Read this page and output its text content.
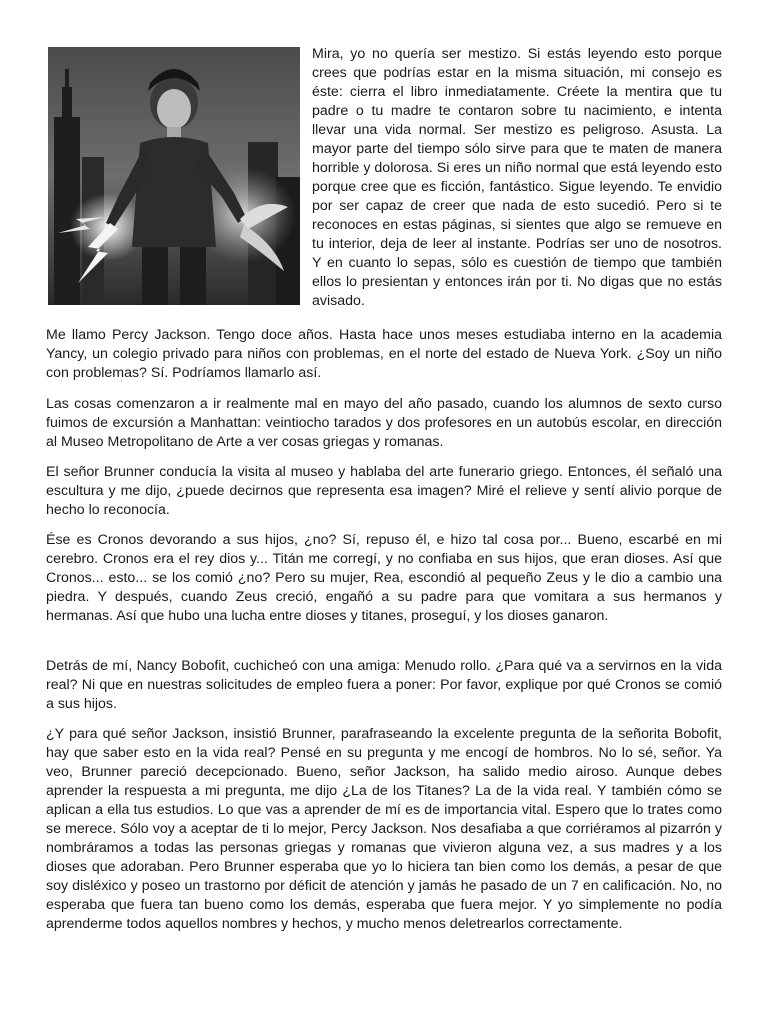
Mira, yo no quería ser mestizo. Si estás leyendo esto porque crees que podrías estar en la misma situación, mi consejo es éste: cierra el libro inmediatamente. Créete la mentira que tu padre o tu madre te contaron sobre tu nacimiento, e intenta llevar una vida normal. Ser mestizo es peligroso. Asusta. La mayor parte del tiempo sólo sirve para que te maten de manera horrible y dolorosa. Si eres un niño normal que está leyendo esto porque cree que es ficción, fantástico. Sigue leyendo. Te envidio por ser capaz de creer que nada de esto sucedió. Pero si te reconoces en estas páginas, si sientes que algo se remueve en tu interior, deja de leer al instante. Podrías ser uno de nosotros. Y en cuanto lo sepas, sólo es cuestión de tiempo que también ellos lo presientan y entonces irán por ti. No digas que no estás avisado.

Me llamo Percy Jackson. Tengo doce años. Hasta hace unos meses estudiaba interno en la academia Yancy, un colegio privado para niños con problemas, en el norte del estado de Nueva York. ¿Soy un niño con problemas? Sí. Podríamos llamarlo así.

Las cosas comenzaron a ir realmente mal en mayo del año pasado, cuando los alumnos de sexto curso fuimos de excursión a Manhattan: veintiocho tarados y dos profesores en un autobús escolar, en dirección al Museo Metropolitano de Arte a ver cosas griegas y romanas.

El señor Brunner conducía la visita al museo y hablaba del arte funerario griego. Entonces, él señaló una escultura y me dijo, ¿puede decirnos que representa esa imagen? Miré el relieve y sentí alivio porque de hecho lo reconocía.

Ése es Cronos devorando a sus hijos, ¿no? Sí, repuso él, e hizo tal cosa por... Bueno, escarbé en mi cerebro. Cronos era el rey dios y... Titán me corregí, y no confiaba en sus hijos, que eran dioses. Así que Cronos... esto... se los comió ¿no? Pero su mujer, Rea, escondió al pequeño Zeus y le dio a cambio una piedra. Y después, cuando Zeus creció, engañó a su padre para que vomitara a sus hermanos y hermanas. Así que hubo una lucha entre dioses y titanes, proseguí, y los dioses ganaron.

Detrás de mí, Nancy Bobofit, cuchicheó con una amiga: Menudo rollo. ¿Para qué va a servirnos en la vida real? Ni que en nuestras solicitudes de empleo fuera a poner: Por favor, explique por qué Cronos se comió a sus hijos.

¿Y para qué señor Jackson, insistió Brunner, parafraseando la excelente pregunta de la señorita Bobofit, hay que saber esto en la vida real? Pensé en su pregunta y me encogí de hombros. No lo sé, señor. Ya veo, Brunner pareció decepcionado. Bueno, señor Jackson, ha salido medio airoso. Aunque debes aprender la respuesta a mi pregunta, me dijo ¿La de los Titanes? La de la vida real. Y también cómo se aplican a ella tus estudios. Lo que vas a aprender de mí es de importancia vital. Espero que lo trates como se merece. Sólo voy a aceptar de ti lo mejor, Percy Jackson. Nos desafiaba a que corriéramos al pizarrón y nombráramos a todas las personas griegas y romanas que vivieron alguna vez, a sus madres y a los dioses que adoraban. Pero Brunner esperaba que yo lo hiciera tan bien como los demás, a pesar de que soy disléxico y poseo un trastorno por déficit de atención y jamás he pasado de un 7 en calificación. No, no esperaba que fuera tan bueno como los demás, esperaba que fuera mejor. Y yo simplemente no podía aprenderme todos aquellos nombres y hechos, y mucho menos deletrearlos correctamente.
